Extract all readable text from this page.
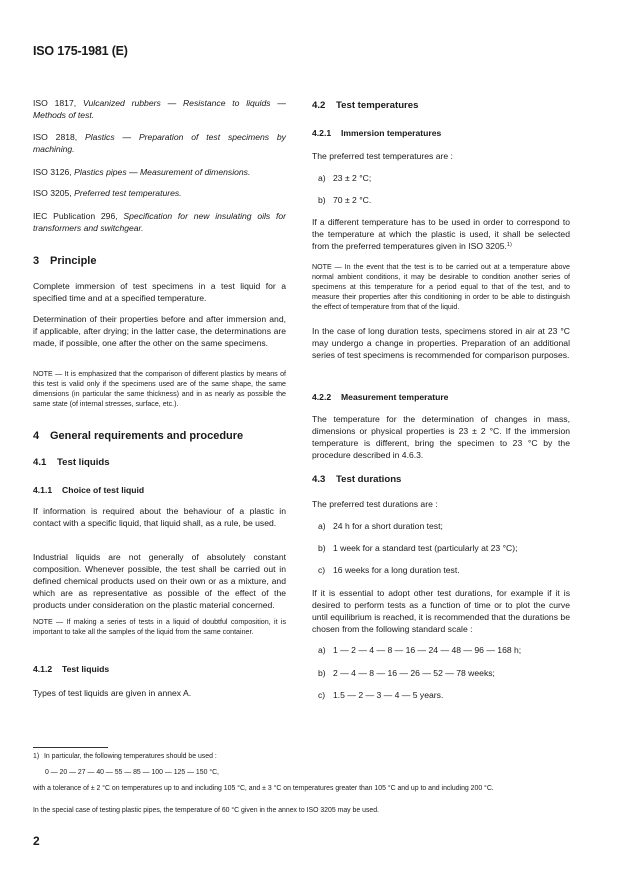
ISO 175-1981 (E)

ISO 1817, Vulcanized rubbers — Resistance to liquids — Methods of test.

ISO 2818, Plastics — Preparation of test specimens by machining.

ISO 3126, Plastics pipes — Measurement of dimensions.

ISO 3205, Preferred test temperatures.

IEC Publication 296, Specification for new insulating oils for transformers and switchgear.

3 Principle

Complete immersion of test specimens in a test liquid for a specified time and at a specified temperature.

Determination of their properties before and after immersion and, if applicable, after drying; in the latter case, the determinations are made, if possible, one after the other on the same specimens.

NOTE — It is emphasized that the comparison of different plastics by means of this test is valid only if the specimens used are of the same shape, the same dimensions (in particular the same thickness) and in as nearly as possible the same state (of internal stresses, surface, etc.).

4 General requirements and procedure
4.1 Test liquids
4.1.1 Choice of test liquid

If information is required about the behaviour of a plastic in contact with a specific liquid, that liquid shall, as a rule, be used.

Industrial liquids are not generally of absolutely constant composition. Whenever possible, the test shall be carried out in defined chemical products used on their own or as a mixture, and which are as representative as possible of the effect of the products under consideration on the plastic material concerned.

NOTE — If making a series of tests in a liquid of doubtful composition, it is important to take all the samples of the liquid from the same container.

4.1.2 Test liquids

Types of test liquids are given in annex A.

4.2 Test temperatures
4.2.1 Immersion temperatures

The preferred test temperatures are :

a) 23 ± 2 °C;

b) 70 ± 2 °C.

If a different temperature has to be used in order to correspond to the temperature at which the plastic is used, it shall be selected from the preferred temperatures given in ISO 3205.$^{1)}$

NOTE — In the event that the test is to be carried out at a temperature above normal ambient conditions, it may be desirable to condition another series of specimens at this temperature for a period equal to that of the test, and to measure their properties after this conditioning in order to be able to distinguish the effect of temperature from that of the liquid.

In the case of long duration tests, specimens stored in air at 23 °C may undergo a change in properties. Preparation of an additional series of test specimens is recommended for comparison purposes.

4.2.2 Measurement temperature

The temperature for the determination of changes in mass, dimensions or physical properties is 23 ± 2 °C. If the immersion temperature is different, bring the specimen to 23 °C by the procedure described in 4.6.3.

4.3 Test durations

The preferred test durations are :

a) 24 h for a short duration test;

b) 1 week for a standard test (particularly at 23 °C);

c) 16 weeks for a long duration test.

If it is essential to adopt other test durations, for example if it is desired to perform tests as a function of time or to plot the curve until equilibrium is reached, it is recommended that the durations be chosen from the following standard scale :

a) 1 — 2 — 4 — 8 — 16 — 24 — 48 — 96 — 168 h;

b) 2 — 4 — 8 — 16 — 26 — 52 — 78 weeks;

c) 1.5 — 2 — 3 — 4 — 5 years.

1) In particular, the following temperatures should be used :

0 — 20 — 27 — 40 — 55 — 85 — 100 — 125 — 150 °C,

with a tolerance of ± 2 °C on temperatures up to and including 105 °C, and ± 3 °C on temperatures greater than 105 °C and up to and including 200 °C.

In the special case of testing plastic pipes, the temperature of 60 °C given in the annex to ISO 3205 may be used.

2
